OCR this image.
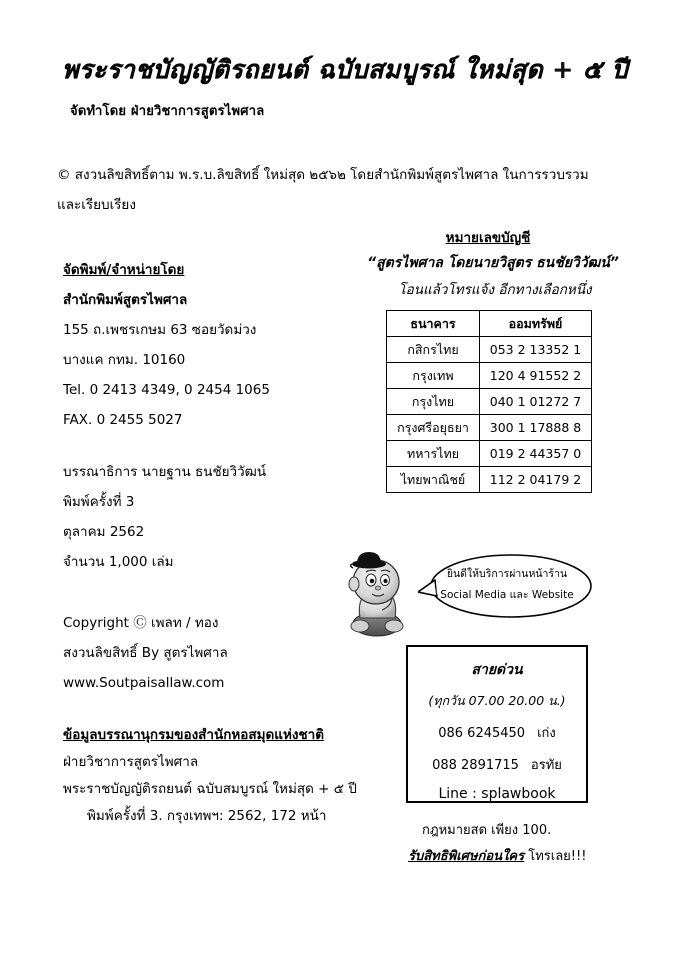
พระราชบัญญัติรถยนต์ ฉบับสมบูรณ์ ใหม่สุด + ๕ ปี
จัดทำโดย ฝ่ายวิชาการสูตรไพศาล
© สงวนลิขสิทธิ์ตาม พ.ร.บ.ลิขสิทธิ์ ใหม่สุด ๒๕๖๒ โดยสำนักพิมพ์สูตรไพศาล ในการรวบรวม
และเรียบเรียง
จัดพิมพ์/จำหน่ายโดย
สำนักพิมพ์สูตรไพศาล
155 ถ.เพชรเกษม 63 ซอยวัดม่วง
บางแค กทม. 10160
Tel. 0 2413 4349, 0 2454 1065
FAX. 0 2455 5027
บรรณาธิการ นายฐาน ธนชัยวิวัฒน์
พิมพ์ครั้งที่ 3
ตุลาคม 2562
จำนวน 1,000 เล่ม
Copyright Ⓒ เพลท / ทอง
สงวนลิขสิทธิ์ By สูตรไพศาล
www.Soutpaisallaw.com
ข้อมูลบรรณานุกรมของสำนักหอสมุดแห่งชาติ
ฝ่ายวิชาการสูตรไพศาล
พระราชบัญญัติรถยนต์ ฉบับสมบูรณ์ ใหม่สุด + ๕ ปี
พิมพ์ครั้งที่ 3. กรุงเทพฯ: 2562, 172 หน้า
หมายเลขบัญชี
“สูตรไพศาล โดยนายวิสูตร ธนชัยวิวัฒน์”
โอนแล้วโทรแจ้ง อีกทางเลือกหนึ่ง
ธนาคาร	ออมทรัพย์
กสิกรไทย	053 2 13352 1
กรุงเทพ	120 4 91552 2
กรุงไทย	040 1 01272 7
กรุงศรีอยุธยา	300 1 17888 8
ทหารไทย	019 2 44357 0
ไทยพาณิชย์	112 2 04179 2
ยินดีให้บริการผ่านหน้าร้าน
Social Media และ Website
สายด่วน
(ทุกวัน 07.00 20.00 น.)
086 6245450 เก่ง
088 2891715 อรทัย
Line : splawbook
กฎหมายสด เพียง 100.
รับสิทธิพิเศษก่อนใคร โทรเลย!!!
